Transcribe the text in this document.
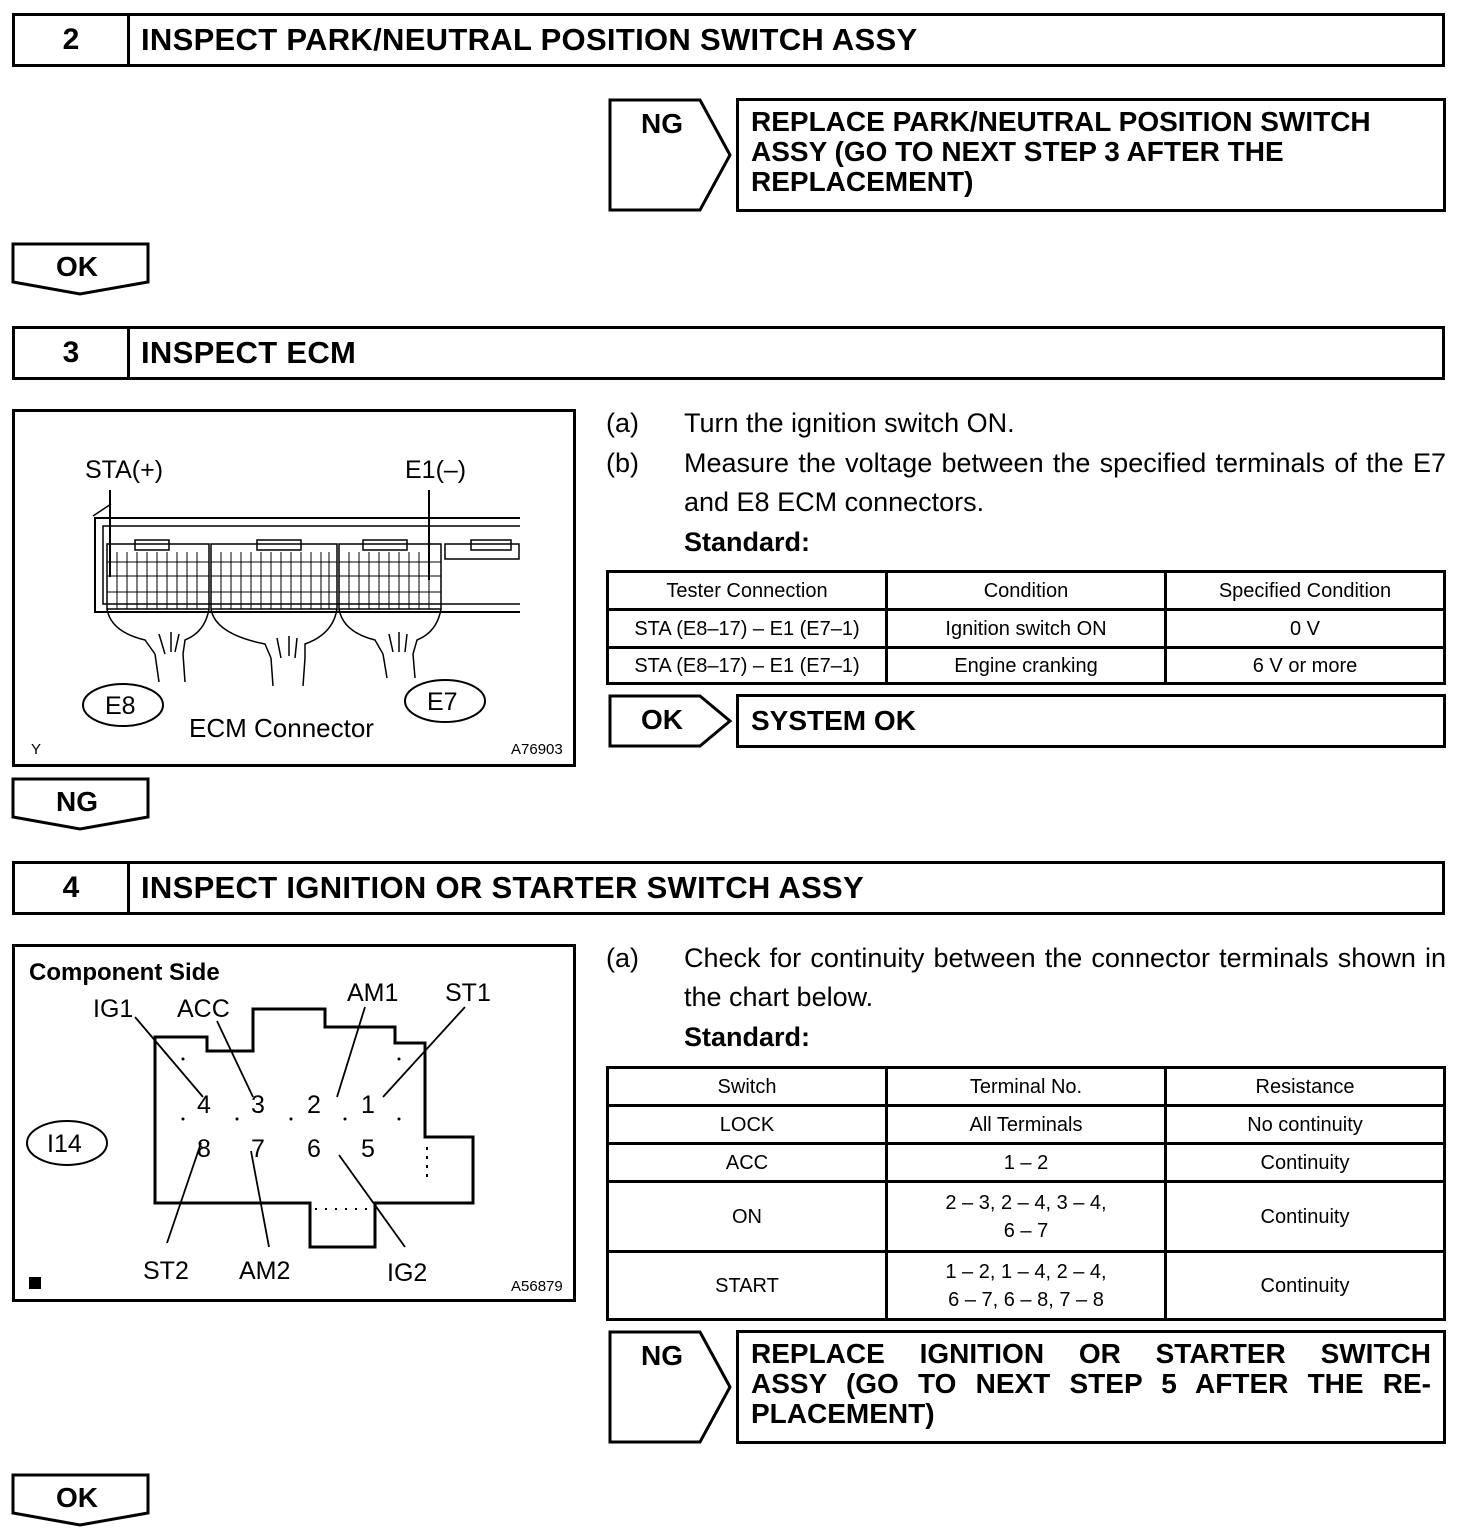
2	INSPECT PARK/NEUTRAL POSITION SWITCH ASSY
NG REPLACE PARK/NEUTRAL POSITION SWITCH
ASSY (GO TO NEXT STEP 3 AFTER THE
REPLACEMENT)
OK
3	INSPECT ECM
STA(+)	E1(–)
E8	E7
ECM Connector
Y	A76903
(a) Turn the ignition switch ON.
(b) Measure the voltage between the specified terminals of the E7 and E8 ECM connectors.
Standard:
Tester Connection	Condition	Specified Condition
STA (E8–17) – E1 (E7–1)	Ignition switch ON	0 V
STA (E8–17) – E1 (E7–1)	Engine cranking	6 V or more
OK	SYSTEM OK
NG
4	INSPECT IGNITION OR STARTER SWITCH ASSY
Component Side
I14
IG1 ACC
AM1 ST1
ST2 AM2	IG2
4 3 2 1
8 7 6 5
A56879
(a) Check for continuity between the connector terminals shown in the chart below.
Standard:
Switch	Terminal No.	Resistance
LOCK	All Terminals	No continuity
ACC	1 – 2	Continuity
ON	2 – 3, 2 – 4, 3 – 4,
6 – 7	Continuity
START	1 – 2, 1 – 4, 2 – 4,
6 – 7, 6 – 8, 7 – 8	Continuity
NG REPLACE IGNITION OR STARTER SWITCH
ASSY (GO TO NEXT STEP 5 AFTER THE RE-
PLACEMENT)
OK
